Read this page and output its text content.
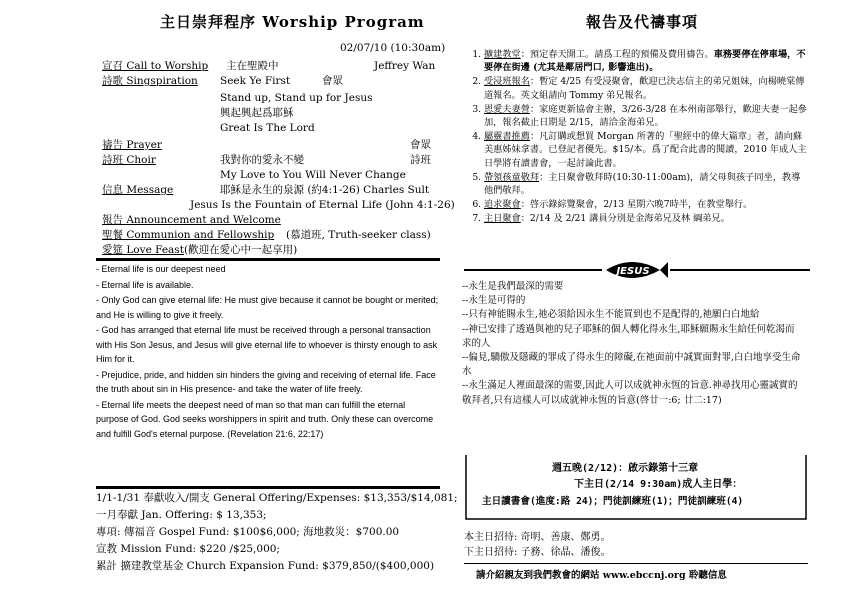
主日崇拜程序 Worship Program
02/07/10 (10:30am)
宣召 Call to Worship 主在聖殿中	Jeffrey Wan
詩歌 Singspiration Seek Ye First	會眾
Stand up, Stand up for Jesus
興起興起爲耶穌
Great Is The Lord
禱告 Prayer	會眾
詩班 Choir	我對你的愛永不變	詩班
My Love to You Will Never Change
信息 Message	耶穌是永生的泉源 (約4:1-26) Charles Sult
Jesus Is the Fountain of Eternal Life (John 4:1-26)
報告 Announcement and Welcome
聖餐 Communion and Fellowship (慕道班, Truth-seeker class)
愛筵 Love Feast (歡迎在愛心中一起享用)

- Eternal life is our deepest need

- Eternal life is available.

- Only God can give eternal life: He must give because it cannot be bought or merited; and He is willing to give it freely.

- God has arranged that eternal life must be received through a personal transaction with His Son Jesus, and Jesus will give eternal life to whoever is thirsty enough to ask Him for it.

- Prejudice, pride, and hidden sin hinders the giving and receiving of eternal life. Face the truth about sin in His presence- and take the water of life freely.

- Eternal life meets the deepest need of man so that man can fulfill the eternal purpose of God. God seeks worshippers in spirit and truth. Only these can overcome and fulfill God's eternal purpose. (Revelation 21:6, 22:17)

1/1-1/31 奉獻收入/開支 General Offering/Expenses: $13,353/$14,081;
一月奉獻 Jan. Offering: $ 13,353;
專項: 傳福音 Gospel Fund: $100$6,000; 海地救災：$700.00
宣教 Mission Fund: $220 /$25,000;
累計 擴建教堂基金 Church Expansion Fund: $379,850/($400,000)
報告及代禱事項
1. 擴建教堂：預定春天開工。請爲工程的預備及費用禱告。車務要停在停車場，不要停在街邊 (尤其是鄰居門口, 影響進出)。
2. 受浸班報名：暫定 4/25 有受浸聚會，歡迎已決志信主的弟兄姐妹，向楊曉棠傳道報名。英文組請向 Tommy 弟兄報名。
3. 恩愛夫妻營：家庭更新協會主辦，3/26-3/28 在本州南部舉行，歡迎夫妻一起參加，報名截止日期是 2/15，請洽金海弟兄。
4. 屬靈書推薦：凡訂購或想買 Morgan 所著的「聖經中的偉大篇章」者，請向蘇美惠姊妹拿書。已登記者優先。$15/本。爲了配合此書的閱讀，2010 年成人主日學將有讀書會，一起討論此書。
5. 帶領孩童敬拜：主日聚會敬拜時(10:30-11:00am)，請父母與孩子同坐，教導他們敬拜。
6. 追求聚會：啓示錄綜覽聚會，2/13 星期六晚7時半，在教堂舉行。
7. 主日聚會：2/14 及 2/21 講員分別是金海弟兄及林 綱弟兄。
JESUS

--永生是我們最深的需要

--永生是可得的

--只有神能賜永生,祂必須給因永生不能買到也不是配得的,祂願白白地給

--神已安排了透過與祂的兒子耶穌的個人轉化得永生,耶穌願賜永生給任何乾渴而求的人

--偏見,驕傲及隱藏的罪成了得永生的障礙,在祂面前中誠實面對罪,白白地享受生命水

--永生滿足人裡面最深的需要,因此人可以成就神永恆的旨意.神尋找用心靈誠實的敬拜者,只有這樣人可以成就神永恆的旨意(啓廿一:6; 廿二:17)

週五晚(2/12)：啟示錄第十三章
下主日(2/14 9:30am)成人主日學：
主日讀書會(進度:路 24)；門徒訓練班(1)；門徒訓練班(4)
本主日招待: 奇明、善康、鄭勇。
下主日招待: 子務、徐晶、潘俊。
請介紹親友到我們教會的網站 www.ebccnj.org 聆聽信息
